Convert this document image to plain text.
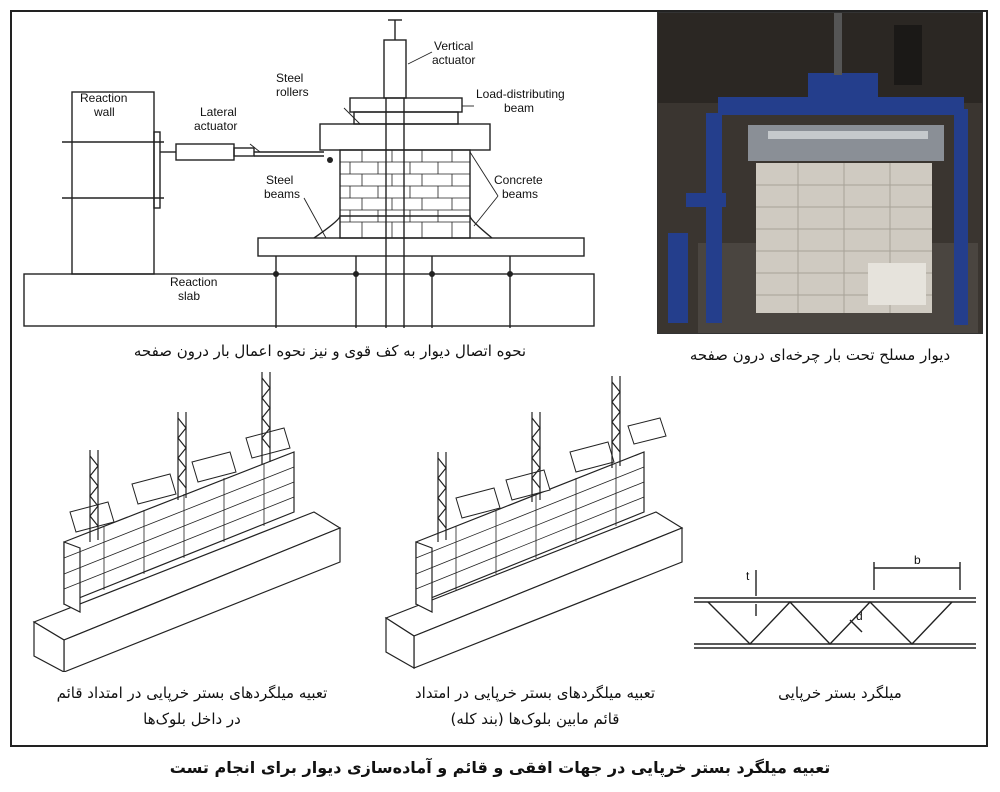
Vertical
actuator
Steel
rollers	Load-distributing
beam
Reaction
wall	Lateral
actuator
Steel
beams
Concrete
beams
Reaction
slab
نحوه اتصال دیوار به کف قوی و نیز نحوه اعمال بار درون صفحه	دیوار مسلح تحت بار چرخه‌ای درون صفحه
تعبیه میلگردهای بستر خرپایی در امتداد قائم
در داخل بلوک‌ها
تعبیه میلگردهای بستر خرپایی در امتداد
قائم مابین بلوک‌ها (بند کله)
b
t
d
میلگرد بستر خرپایی
تعبیه میلگرد بستر خرپایی در جهات افقی و قائم و آماده‌سازی دیوار برای انجام تست
